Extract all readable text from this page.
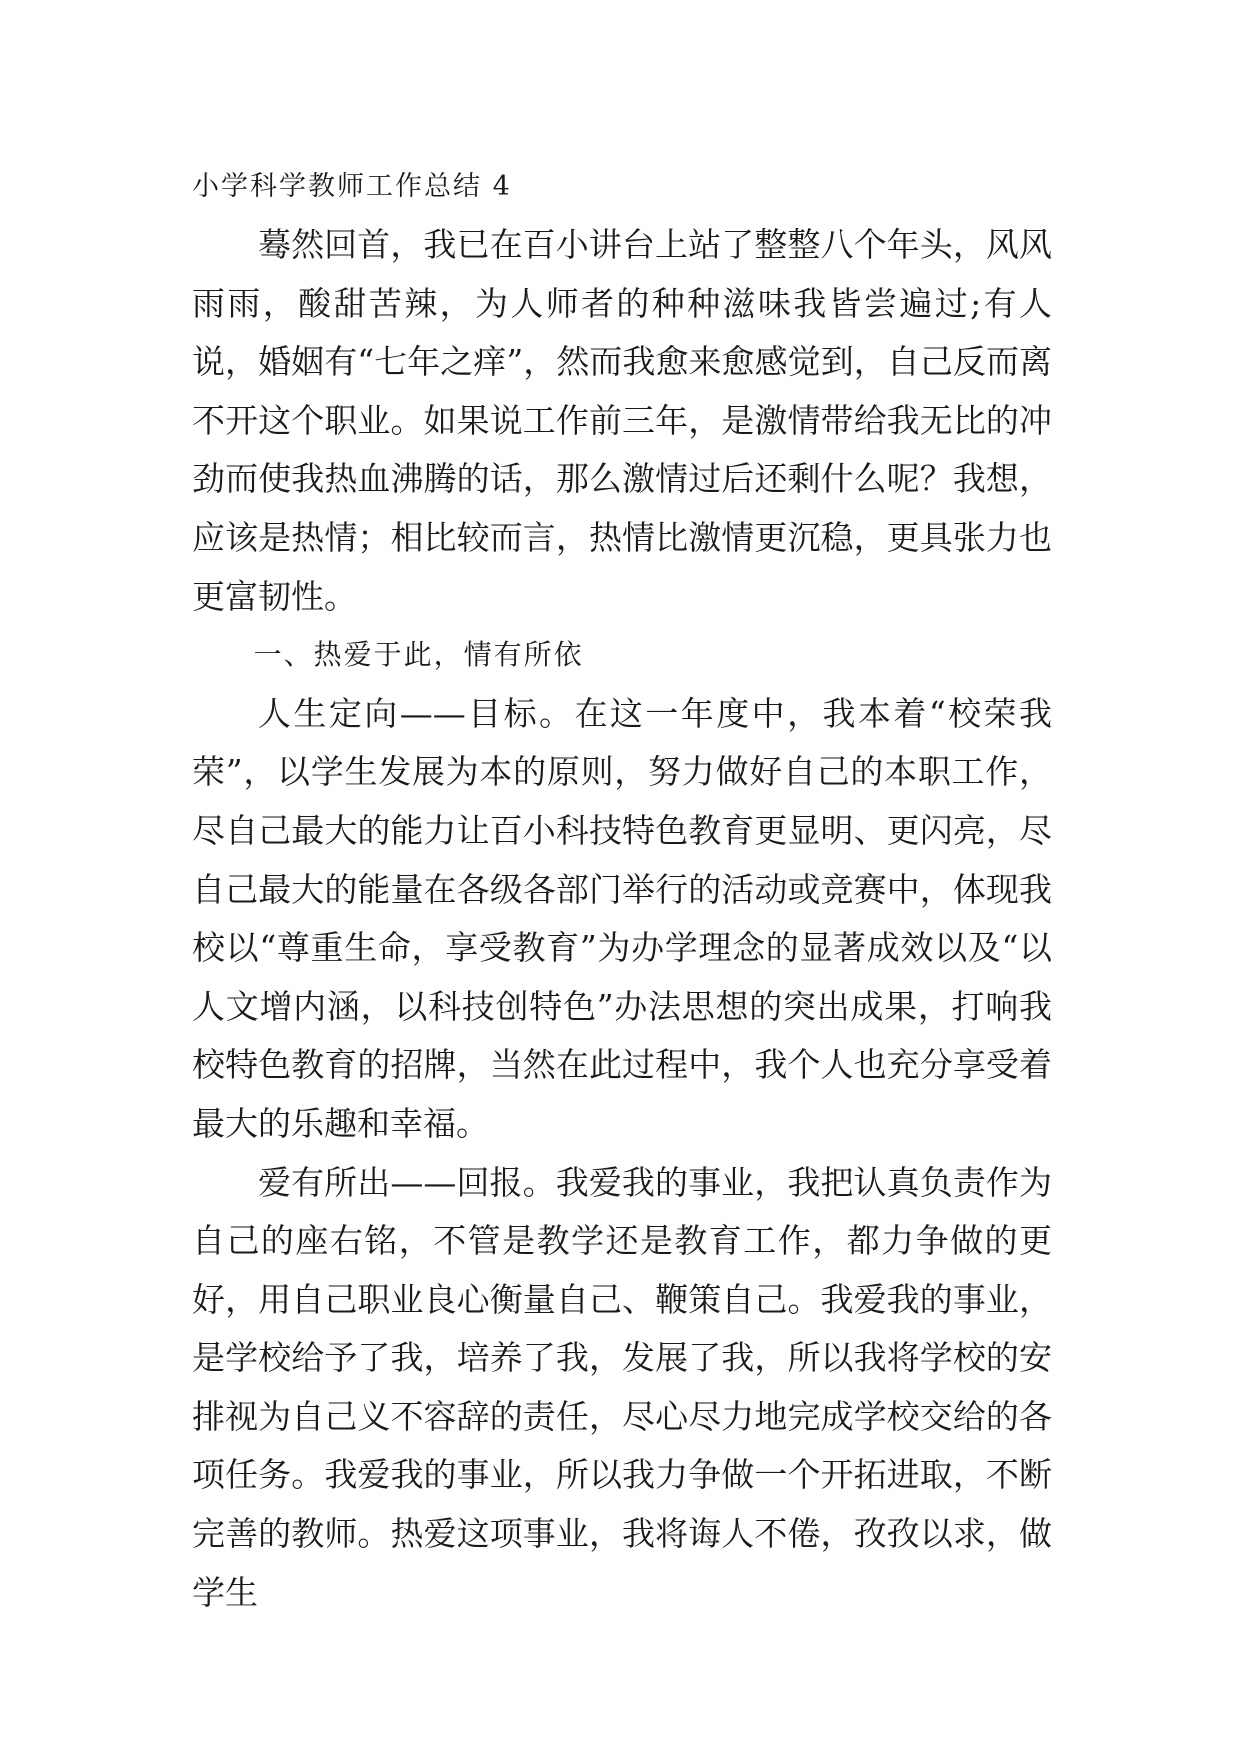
小学科学教师工作总结 4

蓦然回首，我已在百小讲台上站了整整八个年头，风风雨雨，酸甜苦辣，为人师者的种种滋味我皆尝遍过;有人说，婚姻有“七年之痒”，然而我愈来愈感觉到，自己反而离不开这个职业。如果说工作前三年，是激情带给我无比的冲劲而使我热血沸腾的话，那么激情过后还剩什么呢？我想，应该是热情；相比较而言，热情比激情更沉稳，更具张力也更富韧性。

一、热爱于此，情有所依

人生定向——目标。在这一年度中，我本着“校荣我荣”，以学生发展为本的原则，努力做好自己的本职工作，尽自己最大的能力让百小科技特色教育更显明、更闪亮，尽自己最大的能量在各级各部门举行的活动或竞赛中，体现我校以“尊重生命，享受教育”为办学理念的显著成效以及“以人文增内涵，以科技创特色”办法思想的突出成果，打响我校特色教育的招牌，当然在此过程中，我个人也充分享受着最大的乐趣和幸福。

爱有所出——回报。我爱我的事业，我把认真负责作为自己的座右铭，不管是教学还是教育工作，都力争做的更好，用自己职业良心衡量自己、鞭策自己。我爱我的事业，是学校给予了我，培养了我，发展了我，所以我将学校的安排视为自己义不容辞的责任，尽心尽力地完成学校交给的各项任务。我爱我的事业，所以我力争做一个开拓进取，不断完善的教师。热爱这项事业，我将诲人不倦，孜孜以求，做学生
